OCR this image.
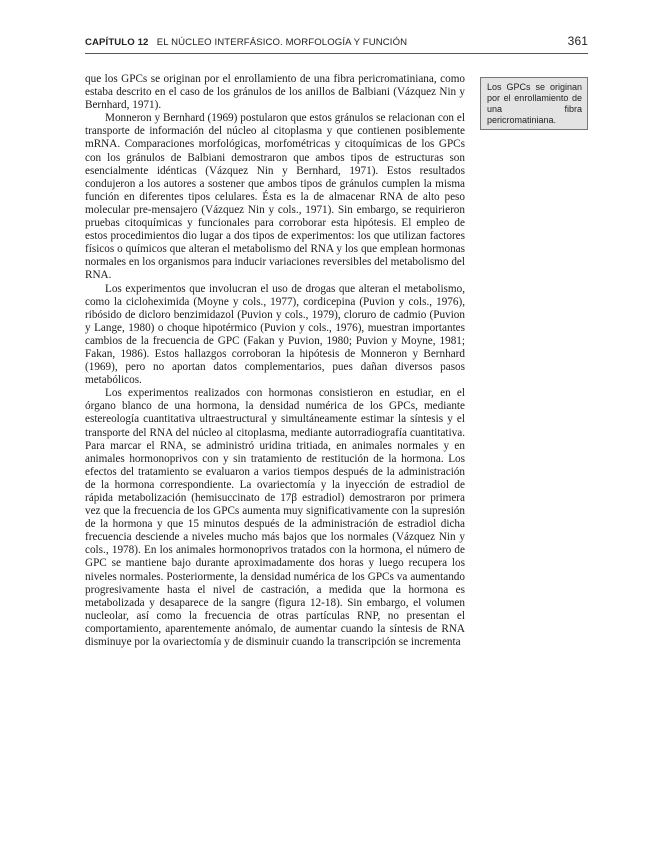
CAPÍTULO 12 EL NÚCLEO INTERFÁSICO. MORFOLOGÍA Y FUNCIÓN	361
Los GPCs se originan por el enrollamiento de una fibra pericromatiniana.

que los GPCs se originan por el enrollamiento de una fibra pericromatiniana, como estaba descrito en el caso de los gránulos de los anillos de Balbiani (Vázquez Nin y Bernhard, 1971).

Monneron y Bernhard (1969) postularon que estos gránulos se relacionan con el transporte de información del núcleo al citoplasma y que contienen posiblemente mRNA. Comparaciones morfológicas, morfométricas y citoquímicas de los GPCs con los gránulos de Balbiani demostraron que ambos tipos de estructuras son esencialmente idénticas (Vázquez Nin y Bernhard, 1971). Estos resultados condujeron a los autores a sostener que ambos tipos de gránulos cumplen la misma función en diferentes tipos celulares. Ésta es la de almacenar RNA de alto peso molecular pre-mensajero (Vázquez Nin y cols., 1971). Sin embargo, se requirieron pruebas citoquímicas y funcionales para corroborar esta hipótesis. El empleo de estos procedimientos dio lugar a dos tipos de experimentos: los que utilizan factores físicos o químicos que alteran el metabolismo del RNA y los que emplean hormonas normales en los organismos para inducir variaciones reversibles del metabolismo del RNA.

Los experimentos que involucran el uso de drogas que alteran el metabolismo, como la cicloheximida (Moyne y cols., 1977), cordicepina (Puvion y cols., 1976), ribósido de dicloro benzimidazol (Puvion y cols., 1979), cloruro de cadmio (Puvion y Lange, 1980) o choque hipotérmico (Puvion y cols., 1976), muestran importantes cambios de la frecuencia de GPC (Fakan y Puvion, 1980; Puvion y Moyne, 1981; Fakan, 1986). Estos hallazgos corroboran la hipótesis de Monneron y Bernhard (1969), pero no aportan datos complementarios, pues dañan diversos pasos metabólicos.

Los experimentos realizados con hormonas consistieron en estudiar, en el órgano blanco de una hormona, la densidad numérica de los GPCs, mediante estereología cuantitativa ultraestructural y simultáneamente estimar la síntesis y el transporte del RNA del núcleo al citoplasma, mediante autorradiografía cuantitativa. Para marcar el RNA, se administró uridina tritiada, en animales normales y en animales hormonoprivos con y sin tratamiento de restitución de la hormona. Los efectos del tratamiento se evaluaron a varios tiempos después de la administración de la hormona correspondiente. La ovariectomía y la inyección de estradiol de rápida metabolización (hemisuccinato de 17β estradiol) demostraron por primera vez que la frecuencia de los GPCs aumenta muy significativamente con la supresión de la hormona y que 15 minutos después de la administración de estradiol dicha frecuencia desciende a niveles mucho más bajos que los normales (Vázquez Nin y cols., 1978). En los animales hormonoprivos tratados con la hormona, el número de GPC se mantiene bajo durante aproximadamente dos horas y luego recupera los niveles normales. Posteriormente, la densidad numérica de los GPCs va aumentando progresivamente hasta el nivel de castración, a medida que la hormona es metabolizada y desaparece de la sangre (figura 12-18). Sin embargo, el volumen nucleolar, así como la frecuencia de otras partículas RNP, no presentan el comportamiento, aparentemente anómalo, de aumentar cuando la síntesis de RNA disminuye por la ovariectomía y de disminuir cuando la transcripción se incrementa
